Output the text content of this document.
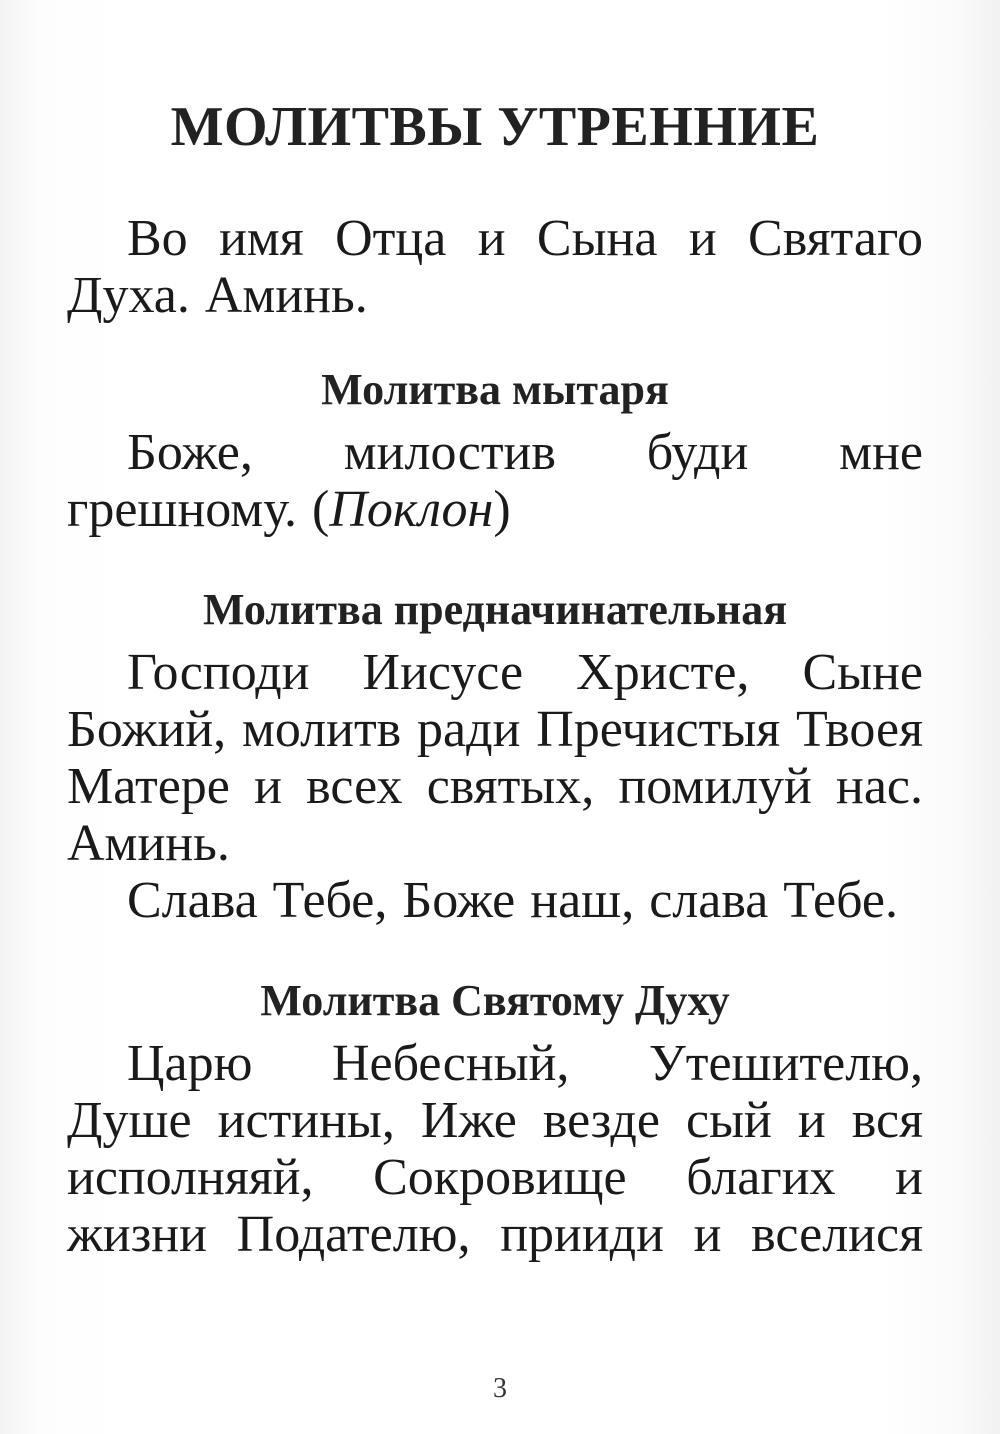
МОЛИТВЫ УТРЕННИЕ

Во имя Отца и Сына и Святаго Духа. Аминь.

Молитва мытаря

Боже, милостив буди мне грешному. (Поклон)

Молитва предначинательная

Господи Иисусе Христе, Сыне Божий, молитв ради Пречистыя Твоея Матере и всех святых, помилуй нас. Аминь.

Слава Тебе, Боже наш, слава Тебе.

Молитва Святому Духу

Царю Небесный, Утешителю, Душе истины, Иже везде сый и вся исполняяй, Сокровище благих и жизни Подателю, прииди и вселися

3
